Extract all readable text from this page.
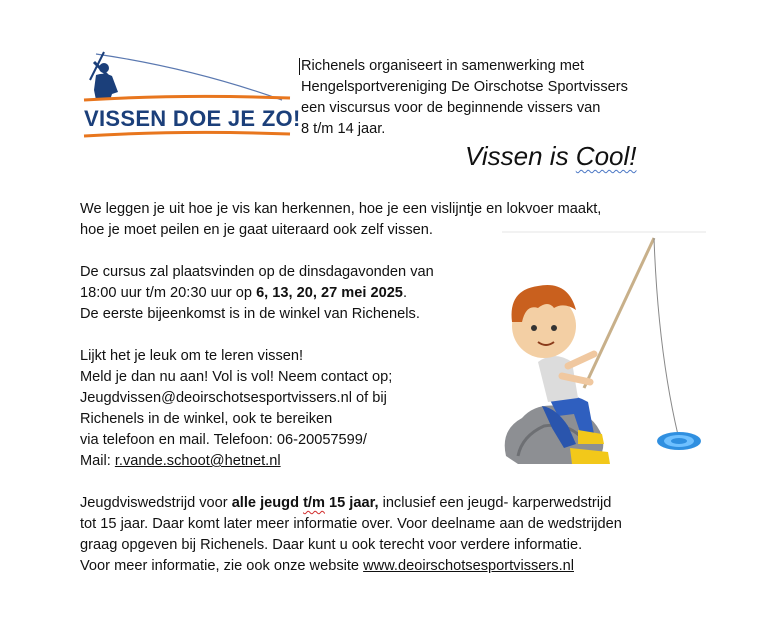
VISSEN DOE JE ZO!

Richenels organiseert in samenwerking met

Hengelsportvereniging De Oirschotse Sportvissers

een viscursus voor de beginnende vissers van

8 t/m 14 jaar.

Vissen is Cool!

We leggen je uit hoe je vis kan herkennen, hoe je een vislijntje en lokvoer maakt,

hoe je moet peilen en je gaat uiteraard ook zelf vissen.

De cursus zal plaatsvinden op de dinsdagavonden van

18:00 uur t/m 20:30 uur op 6, 13, 20, 27 mei 2025.

De eerste bijeenkomst is in de winkel van Richenels.

Lijkt het je leuk om te leren vissen!

Meld je dan nu aan! Vol is vol! Neem contact op;

Jeugdvissen@deoirschotsesportvissers.nl of bij

Richenels in de winkel, ook te bereiken

via telefoon en mail. Telefoon: 06-20057599/

Mail: r.vande.schoot@hetnet.nl

Jeugdviswedstrijd voor alle jeugd t/m 15 jaar, inclusief een jeugd- karperwedstrijd

tot 15 jaar. Daar komt later meer informatie over. Voor deelname aan de wedstrijden

graag opgeven bij Richenels. Daar kunt u ook terecht voor verdere informatie.

Voor meer informatie, zie ook onze website www.deoirschotsesportvissers.nl
